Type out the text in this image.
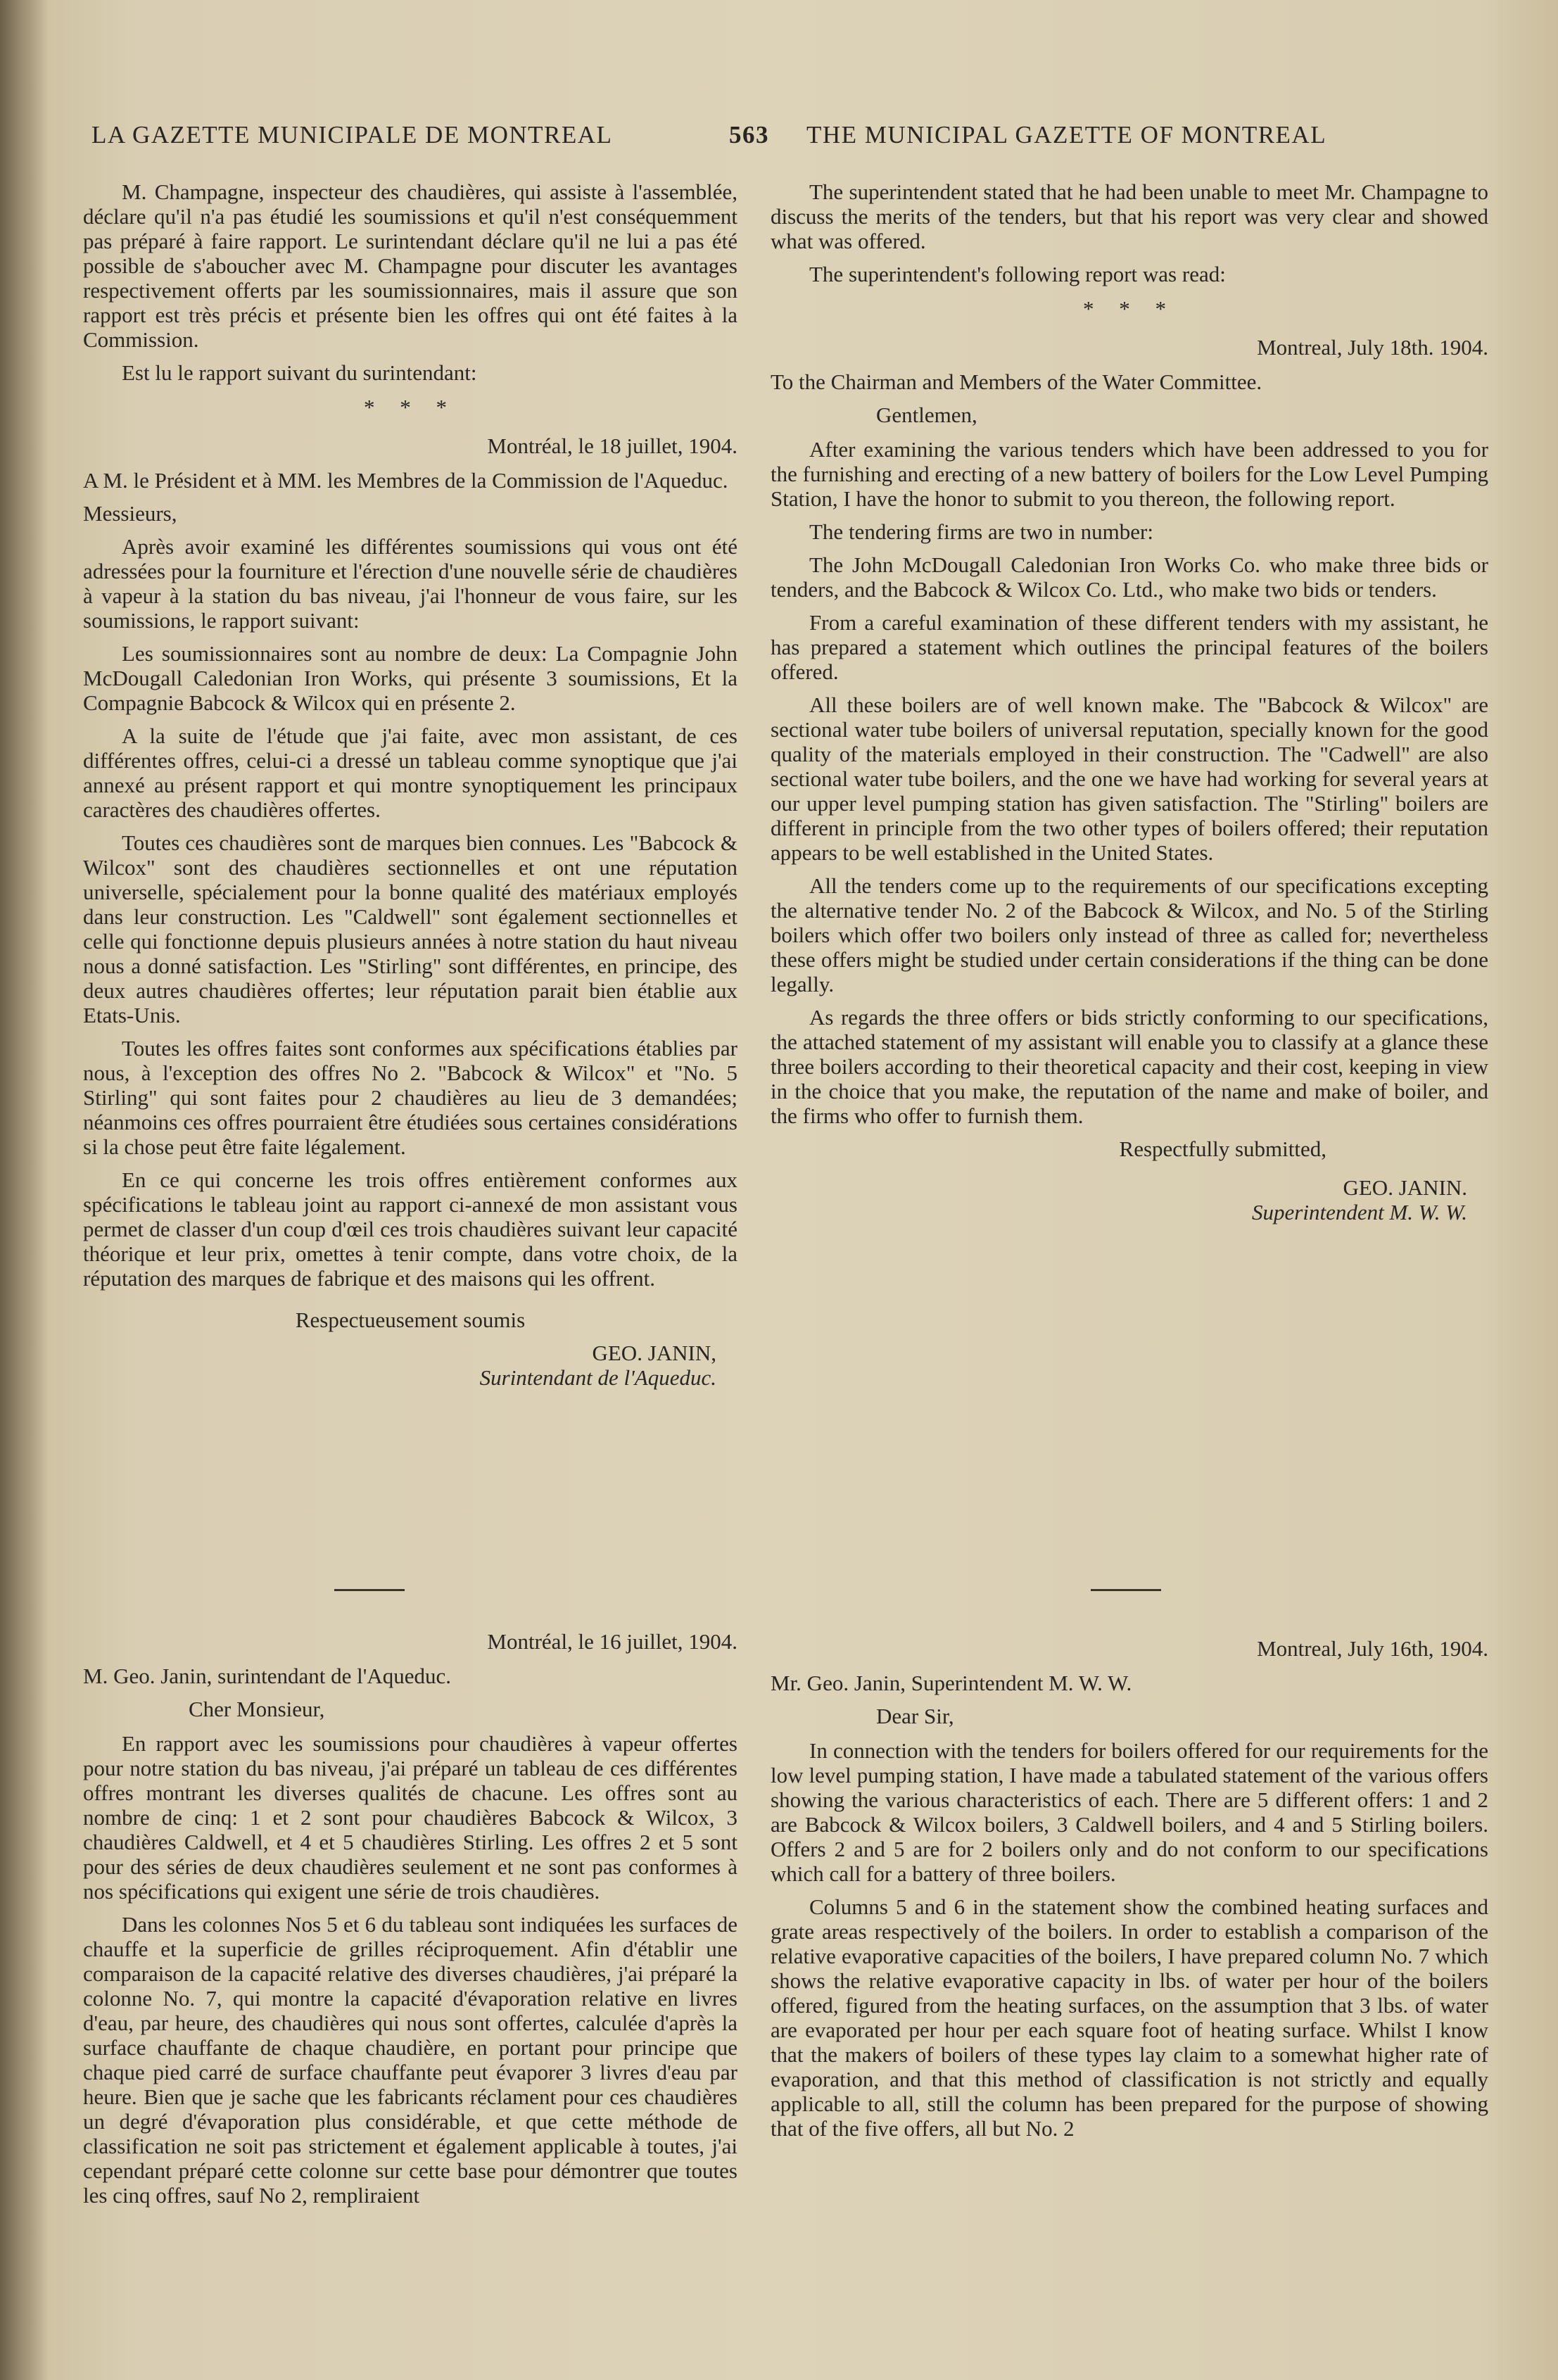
LA GAZETTE MUNICIPALE DE MONTREAL	563 THE MUNICIPAL GAZETTE OF MONTREAL

M. Champagne, inspecteur des chaudières, qui assiste à l'assemblée, déclare qu'il n'a pas étudié les soumissions et qu'il n'est conséquemment pas préparé à faire rapport. Le surintendant déclare qu'il ne lui a pas été possible de s'aboucher avec M. Champagne pour discuter les avantages respectivement offerts par les soumissionnaires, mais il assure que son rapport est très précis et présente bien les offres qui ont été faites à la Commission.

Est lu le rapport suivant du surintendant:

* * *

Montréal, le 18 juillet, 1904.

A M. le Président et à MM. les Membres de la Commission de l'Aqueduc.

Messieurs,

Après avoir examiné les différentes soumissions qui vous ont été adressées pour la fourniture et l'érection d'une nouvelle série de chaudières à vapeur à la station du bas niveau, j'ai l'honneur de vous faire, sur les soumissions, le rapport suivant:

Les soumissionnaires sont au nombre de deux: La Compagnie John McDougall Caledonian Iron Works, qui présente 3 soumissions, Et la Compagnie Babcock & Wilcox qui en présente 2.

A la suite de l'étude que j'ai faite, avec mon assistant, de ces différentes offres, celui-ci a dressé un tableau comme synoptique que j'ai annexé au présent rapport et qui montre synoptiquement les principaux caractères des chaudières offertes.

Toutes ces chaudières sont de marques bien connues. Les "Babcock & Wilcox" sont des chaudières sectionnelles et ont une réputation universelle, spécialement pour la bonne qualité des matériaux employés dans leur construction. Les "Caldwell" sont également sectionnelles et celle qui fonctionne depuis plusieurs années à notre station du haut niveau nous a donné satisfaction. Les "Stirling" sont différentes, en principe, des deux autres chaudières offertes; leur réputation parait bien établie aux Etats-Unis.

Toutes les offres faites sont conformes aux spécifications établies par nous, à l'exception des offres No 2. "Babcock & Wilcox" et "No. 5 Stirling" qui sont faites pour 2 chaudières au lieu de 3 demandées; néanmoins ces offres pourraient être étudiées sous certaines considérations si la chose peut être faite légalement.

En ce qui concerne les trois offres entièrement conformes aux spécifications le tableau joint au rapport ci-annexé de mon assistant vous permet de classer d'un coup d'œil ces trois chaudières suivant leur capacité théorique et leur prix, omettes à tenir compte, dans votre choix, de la réputation des marques de fabrique et des maisons qui les offrent.

Respectueusement soumis

GEO. JANIN,

Surintendant de l'Aqueduc.

Montréal, le 16 juillet, 1904.

M. Geo. Janin, surintendant de l'Aqueduc.

Cher Monsieur,

En rapport avec les soumissions pour chaudières à vapeur offertes pour notre station du bas niveau, j'ai préparé un tableau de ces différentes offres montrant les diverses qualités de chacune. Les offres sont au nombre de cinq: 1 et 2 sont pour chaudières Babcock & Wilcox, 3 chaudières Caldwell, et 4 et 5 chaudières Stirling. Les offres 2 et 5 sont pour des séries de deux chaudières seulement et ne sont pas conformes à nos spécifications qui exigent une série de trois chaudières.

Dans les colonnes Nos 5 et 6 du tableau sont indiquées les surfaces de chauffe et la superficie de grilles réciproquement. Afin d'établir une comparaison de la capacité relative des diverses chaudières, j'ai préparé la colonne No. 7, qui montre la capacité d'évaporation relative en livres d'eau, par heure, des chaudières qui nous sont offertes, calculée d'après la surface chauffante de chaque chaudière, en portant pour principe que chaque pied carré de surface chauffante peut évaporer 3 livres d'eau par heure. Bien que je sache que les fabricants réclament pour ces chaudières un degré d'évaporation plus considérable, et que cette méthode de classification ne soit pas strictement et également applicable à toutes, j'ai cependant préparé cette colonne sur cette base pour démontrer que toutes les cinq offres, sauf No 2, rempliraient

The superintendent stated that he had been unable to meet Mr. Champagne to discuss the merits of the tenders, but that his report was very clear and showed what was offered.

The superintendent's following report was read:

* * *

Montreal, July 18th. 1904.

To the Chairman and Members of the Water Committee.

Gentlemen,

After examining the various tenders which have been addressed to you for the furnishing and erecting of a new battery of boilers for the Low Level Pumping Station, I have the honor to submit to you thereon, the following report.

The tendering firms are two in number:

The John McDougall Caledonian Iron Works Co. who make three bids or tenders, and the Babcock & Wilcox Co. Ltd., who make two bids or tenders.

From a careful examination of these different tenders with my assistant, he has prepared a statement which outlines the principal features of the boilers offered.

All these boilers are of well known make. The "Babcock & Wilcox" are sectional water tube boilers of universal reputation, specially known for the good quality of the materials employed in their construction. The "Cadwell" are also sectional water tube boilers, and the one we have had working for several years at our upper level pumping station has given satisfaction. The "Stirling" boilers are different in principle from the two other types of boilers offered; their reputation appears to be well established in the United States.

All the tenders come up to the requirements of our specifications excepting the alternative tender No. 2 of the Babcock & Wilcox, and No. 5 of the Stirling boilers which offer two boilers only instead of three as called for; nevertheless these offers might be studied under certain considerations if the thing can be done legally.

As regards the three offers or bids strictly conforming to our specifications, the attached statement of my assistant will enable you to classify at a glance these three boilers according to their theoretical capacity and their cost, keeping in view in the choice that you make, the reputation of the name and make of boiler, and the firms who offer to furnish them.

Respectfully submitted,

GEO. JANIN.

Superintendent M. W. W.

Montreal, July 16th, 1904.

Mr. Geo. Janin, Superintendent M. W. W.

Dear Sir,

In connection with the tenders for boilers offered for our requirements for the low level pumping station, I have made a tabulated statement of the various offers showing the various characteristics of each. There are 5 different offers: 1 and 2 are Babcock & Wilcox boilers, 3 Caldwell boilers, and 4 and 5 Stirling boilers. Offers 2 and 5 are for 2 boilers only and do not conform to our specifications which call for a battery of three boilers.

Columns 5 and 6 in the statement show the combined heating surfaces and grate areas respectively of the boilers. In order to establish a comparison of the relative evaporative capacities of the boilers, I have prepared column No. 7 which shows the relative evaporative capacity in lbs. of water per hour of the boilers offered, figured from the heating surfaces, on the assumption that 3 lbs. of water are evaporated per hour per each square foot of heating surface. Whilst I know that the makers of boilers of these types lay claim to a somewhat higher rate of evaporation, and that this method of classification is not strictly and equally applicable to all, still the column has been prepared for the purpose of showing that of the five offers, all but No. 2
